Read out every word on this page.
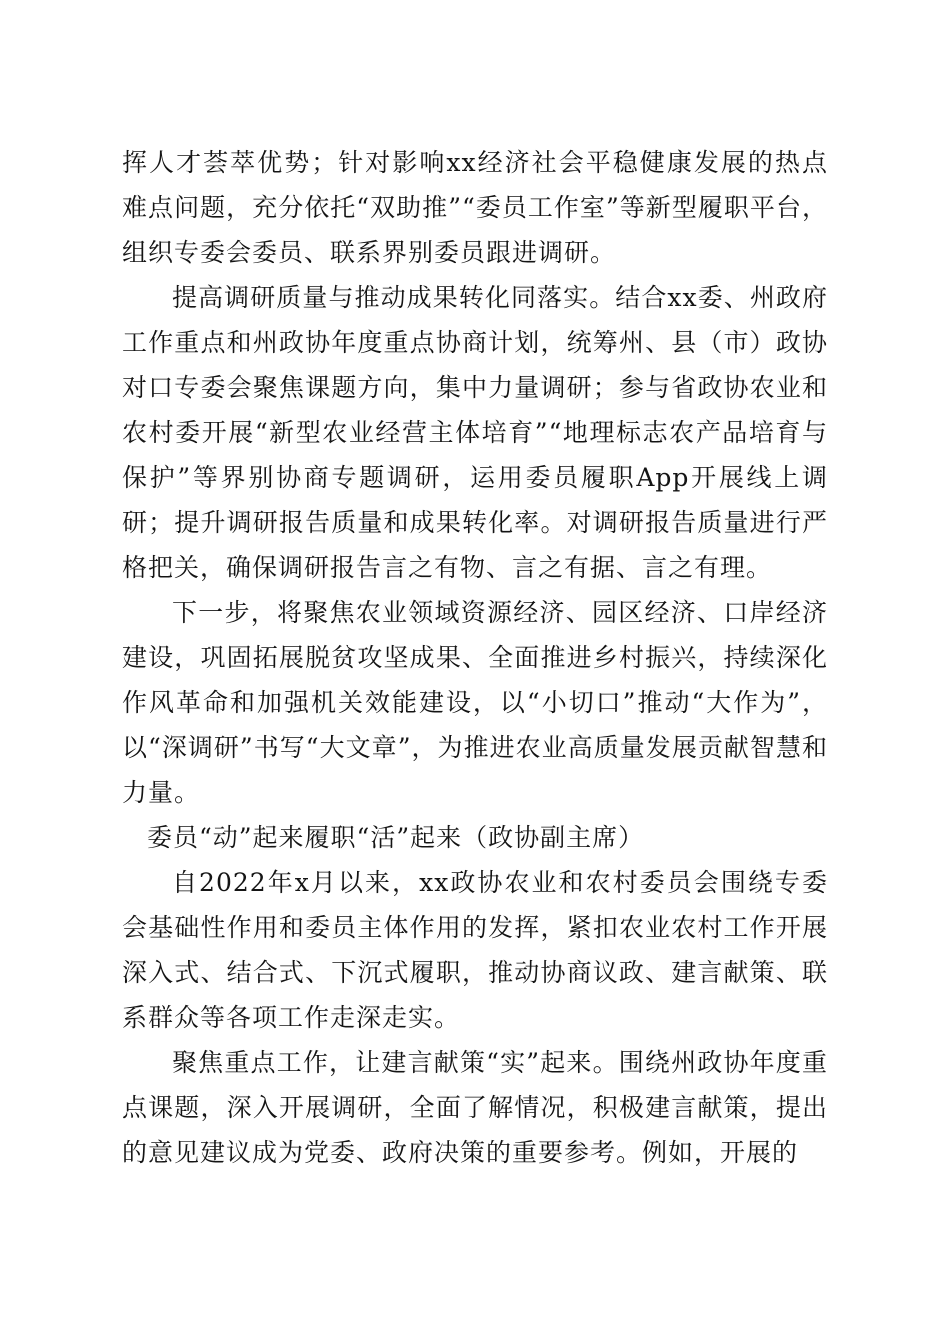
挥人才荟萃优势；针对影响xx经济社会平稳健康发展的热点难点问题，充分依托“双助推”“委员工作室”等新型履职平台，组织专委会委员、联系界别委员跟进调研。

提高调研质量与推动成果转化同落实。结合xx委、州政府工作重点和州政协年度重点协商计划，统筹州、县（市）政协对口专委会聚焦课题方向，集中力量调研；参与省政协农业和农村委开展“新型农业经营主体培育”“地理标志农产品培育与保护”等界别协商专题调研，运用委员履职App开展线上调研；提升调研报告质量和成果转化率。对调研报告质量进行严格把关，确保调研报告言之有物、言之有据、言之有理。

下一步，将聚焦农业领域资源经济、园区经济、口岸经济建设，巩固拓展脱贫攻坚成果、全面推进乡村振兴，持续深化作风革命和加强机关效能建设，以“小切口”推动“大作为”，以“深调研”书写“大文章”，为推进农业高质量发展贡献智慧和力量。

委员“动”起来履职“活”起来（政协副主席）

自2022年x月以来，xx政协农业和农村委员会围绕专委会基础性作用和委员主体作用的发挥，紧扣农业农村工作开展深入式、结合式、下沉式履职，推动协商议政、建言献策、联系群众等各项工作走深走实。

聚焦重点工作，让建言献策“实”起来。围绕州政协年度重点课题，深入开展调研，全面了解情况，积极建言献策，提出的意见建议成为党委、政府决策的重要参考。例如，开展的
